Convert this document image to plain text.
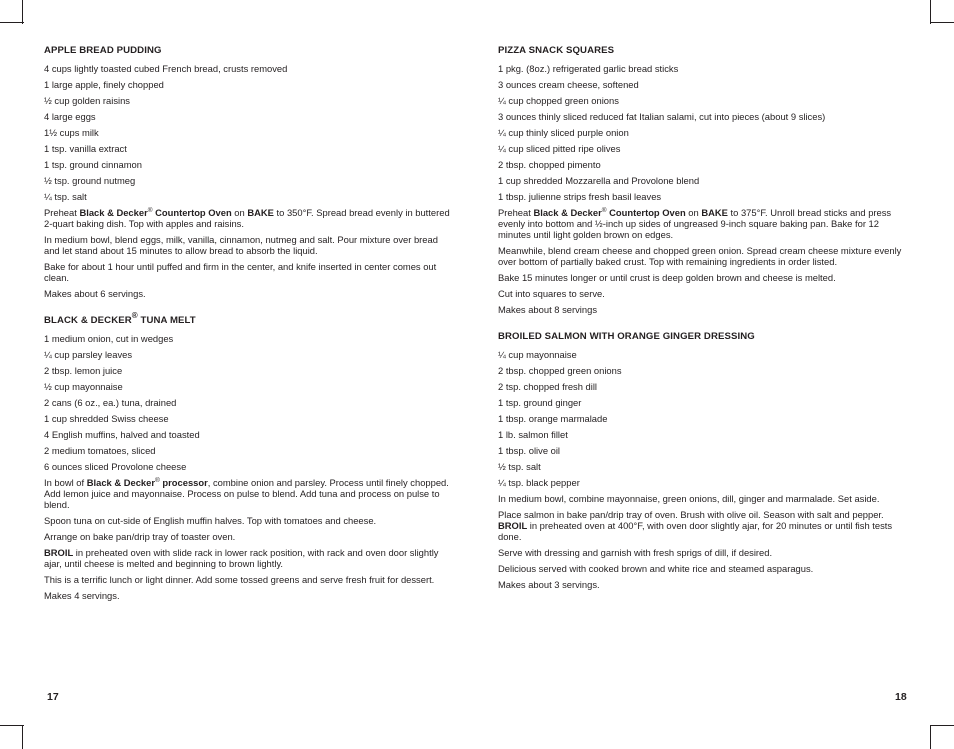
APPLE BREAD PUDDING
4 cups lightly toasted cubed French bread, crusts removed
1 large apple, finely chopped
½ cup golden raisins
4 large eggs
1½ cups milk
1 tsp. vanilla extract
1 tsp. ground cinnamon
½ tsp. ground nutmeg
¼ tsp. salt
Preheat Black & Decker® Countertop Oven on BAKE to 350°F. Spread bread evenly in buttered 2-quart baking dish. Top with apples and raisins.
In medium bowl, blend eggs, milk, vanilla, cinnamon, nutmeg and salt. Pour mixture over bread and let stand about 15 minutes to allow bread to absorb the liquid.
Bake for about 1 hour until puffed and firm in the center, and knife inserted in center comes out clean.
Makes about 6 servings.
BLACK & DECKER® TUNA MELT
1 medium onion, cut in wedges
¼ cup parsley leaves
2 tbsp. lemon juice
½ cup mayonnaise
2 cans (6 oz., ea.) tuna, drained
1 cup shredded Swiss cheese
4 English muffins, halved and toasted
2 medium tomatoes, sliced
6 ounces sliced Provolone cheese
In bowl of Black & Decker® processor, combine onion and parsley. Process until finely chopped. Add lemon juice and mayonnaise. Process on pulse to blend. Add tuna and process on pulse to blend.
Spoon tuna on cut-side of English muffin halves. Top with tomatoes and cheese.
Arrange on bake pan/drip tray of toaster oven.
BROIL in preheated oven with slide rack in lower rack position, with rack and oven door slightly ajar, until cheese is melted and beginning to brown lightly.
This is a terrific lunch or light dinner. Add some tossed greens and serve fresh fruit for dessert.
Makes 4 servings.
17
PIZZA SNACK SQUARES
1 pkg. (8oz.) refrigerated garlic bread sticks
3 ounces cream cheese, softened
¼ cup chopped green onions
3 ounces thinly sliced reduced fat Italian salami, cut into pieces (about 9 slices)
¼ cup thinly sliced purple onion
¼ cup sliced pitted ripe olives
2 tbsp. chopped pimento
1 cup shredded Mozzarella and Provolone blend
1 tbsp. julienne strips fresh basil leaves
Preheat Black & Decker® Countertop Oven on BAKE to 375°F. Unroll bread sticks and press evenly into bottom and ½-inch up sides of ungreased 9-inch square baking pan. Bake for 12 minutes until light golden brown on edges.
Meanwhile, blend cream cheese and chopped green onion. Spread cream cheese mixture evenly over bottom of partially baked crust. Top with remaining ingredients in order listed.
Bake 15 minutes longer or until crust is deep golden brown and cheese is melted.
Cut into squares to serve.
Makes about 8 servings
BROILED SALMON WITH ORANGE GINGER DRESSING
¼ cup mayonnaise
2 tbsp. chopped green onions
2 tsp. chopped fresh dill
1 tsp. ground ginger
1 tbsp. orange marmalade
1 lb. salmon fillet
1 tbsp. olive oil
½ tsp. salt
¼ tsp. black pepper
In medium bowl, combine mayonnaise, green onions, dill, ginger and marmalade. Set aside.
Place salmon in bake pan/drip tray of oven. Brush with olive oil. Season with salt and pepper. BROIL in preheated oven at 400°F, with oven door slightly ajar, for 20 minutes or until fish tests done.
Serve with dressing and garnish with fresh sprigs of dill, if desired.
Delicious served with cooked brown and white rice and steamed asparagus.
Makes about 3 servings.
18
